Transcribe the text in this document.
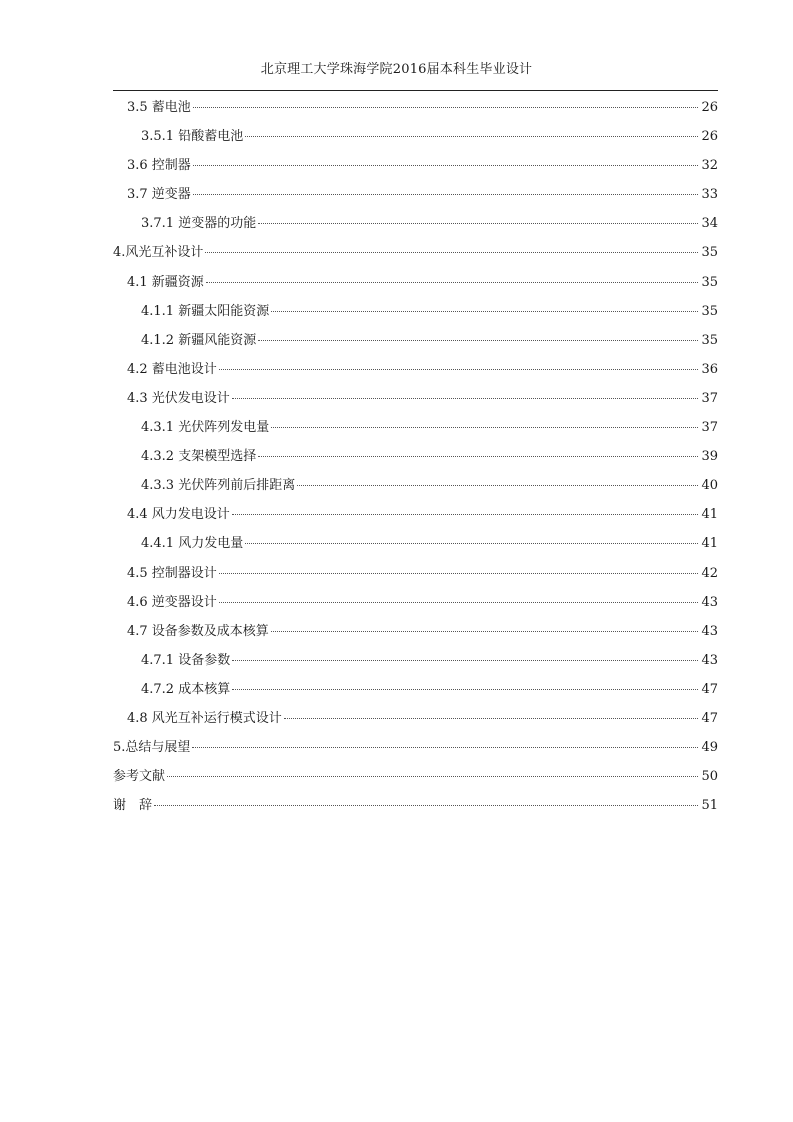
北京理工大学珠海学院2016届本科生毕业设计
3.5 蓄电池	26
3.5.1 铅酸蓄电池	26
3.6 控制器	32
3.7 逆变器	33
3.7.1 逆变器的功能	34
4.风光互补设计	35
4.1 新疆资源	35
4.1.1 新疆太阳能资源	35
4.1.2 新疆风能资源	35
4.2 蓄电池设计	36
4.3 光伏发电设计	37
4.3.1 光伏阵列发电量	37
4.3.2 支架模型选择	39
4.3.3 光伏阵列前后排距离	40
4.4 风力发电设计	41
4.4.1 风力发电量	41
4.5 控制器设计	42
4.6 逆变器设计	43
4.7 设备参数及成本核算	43
4.7.1 设备参数	43
4.7.2 成本核算	47
4.8 风光互补运行模式设计	47
5.总结与展望	49
参考文献	50
谢　辞	51
